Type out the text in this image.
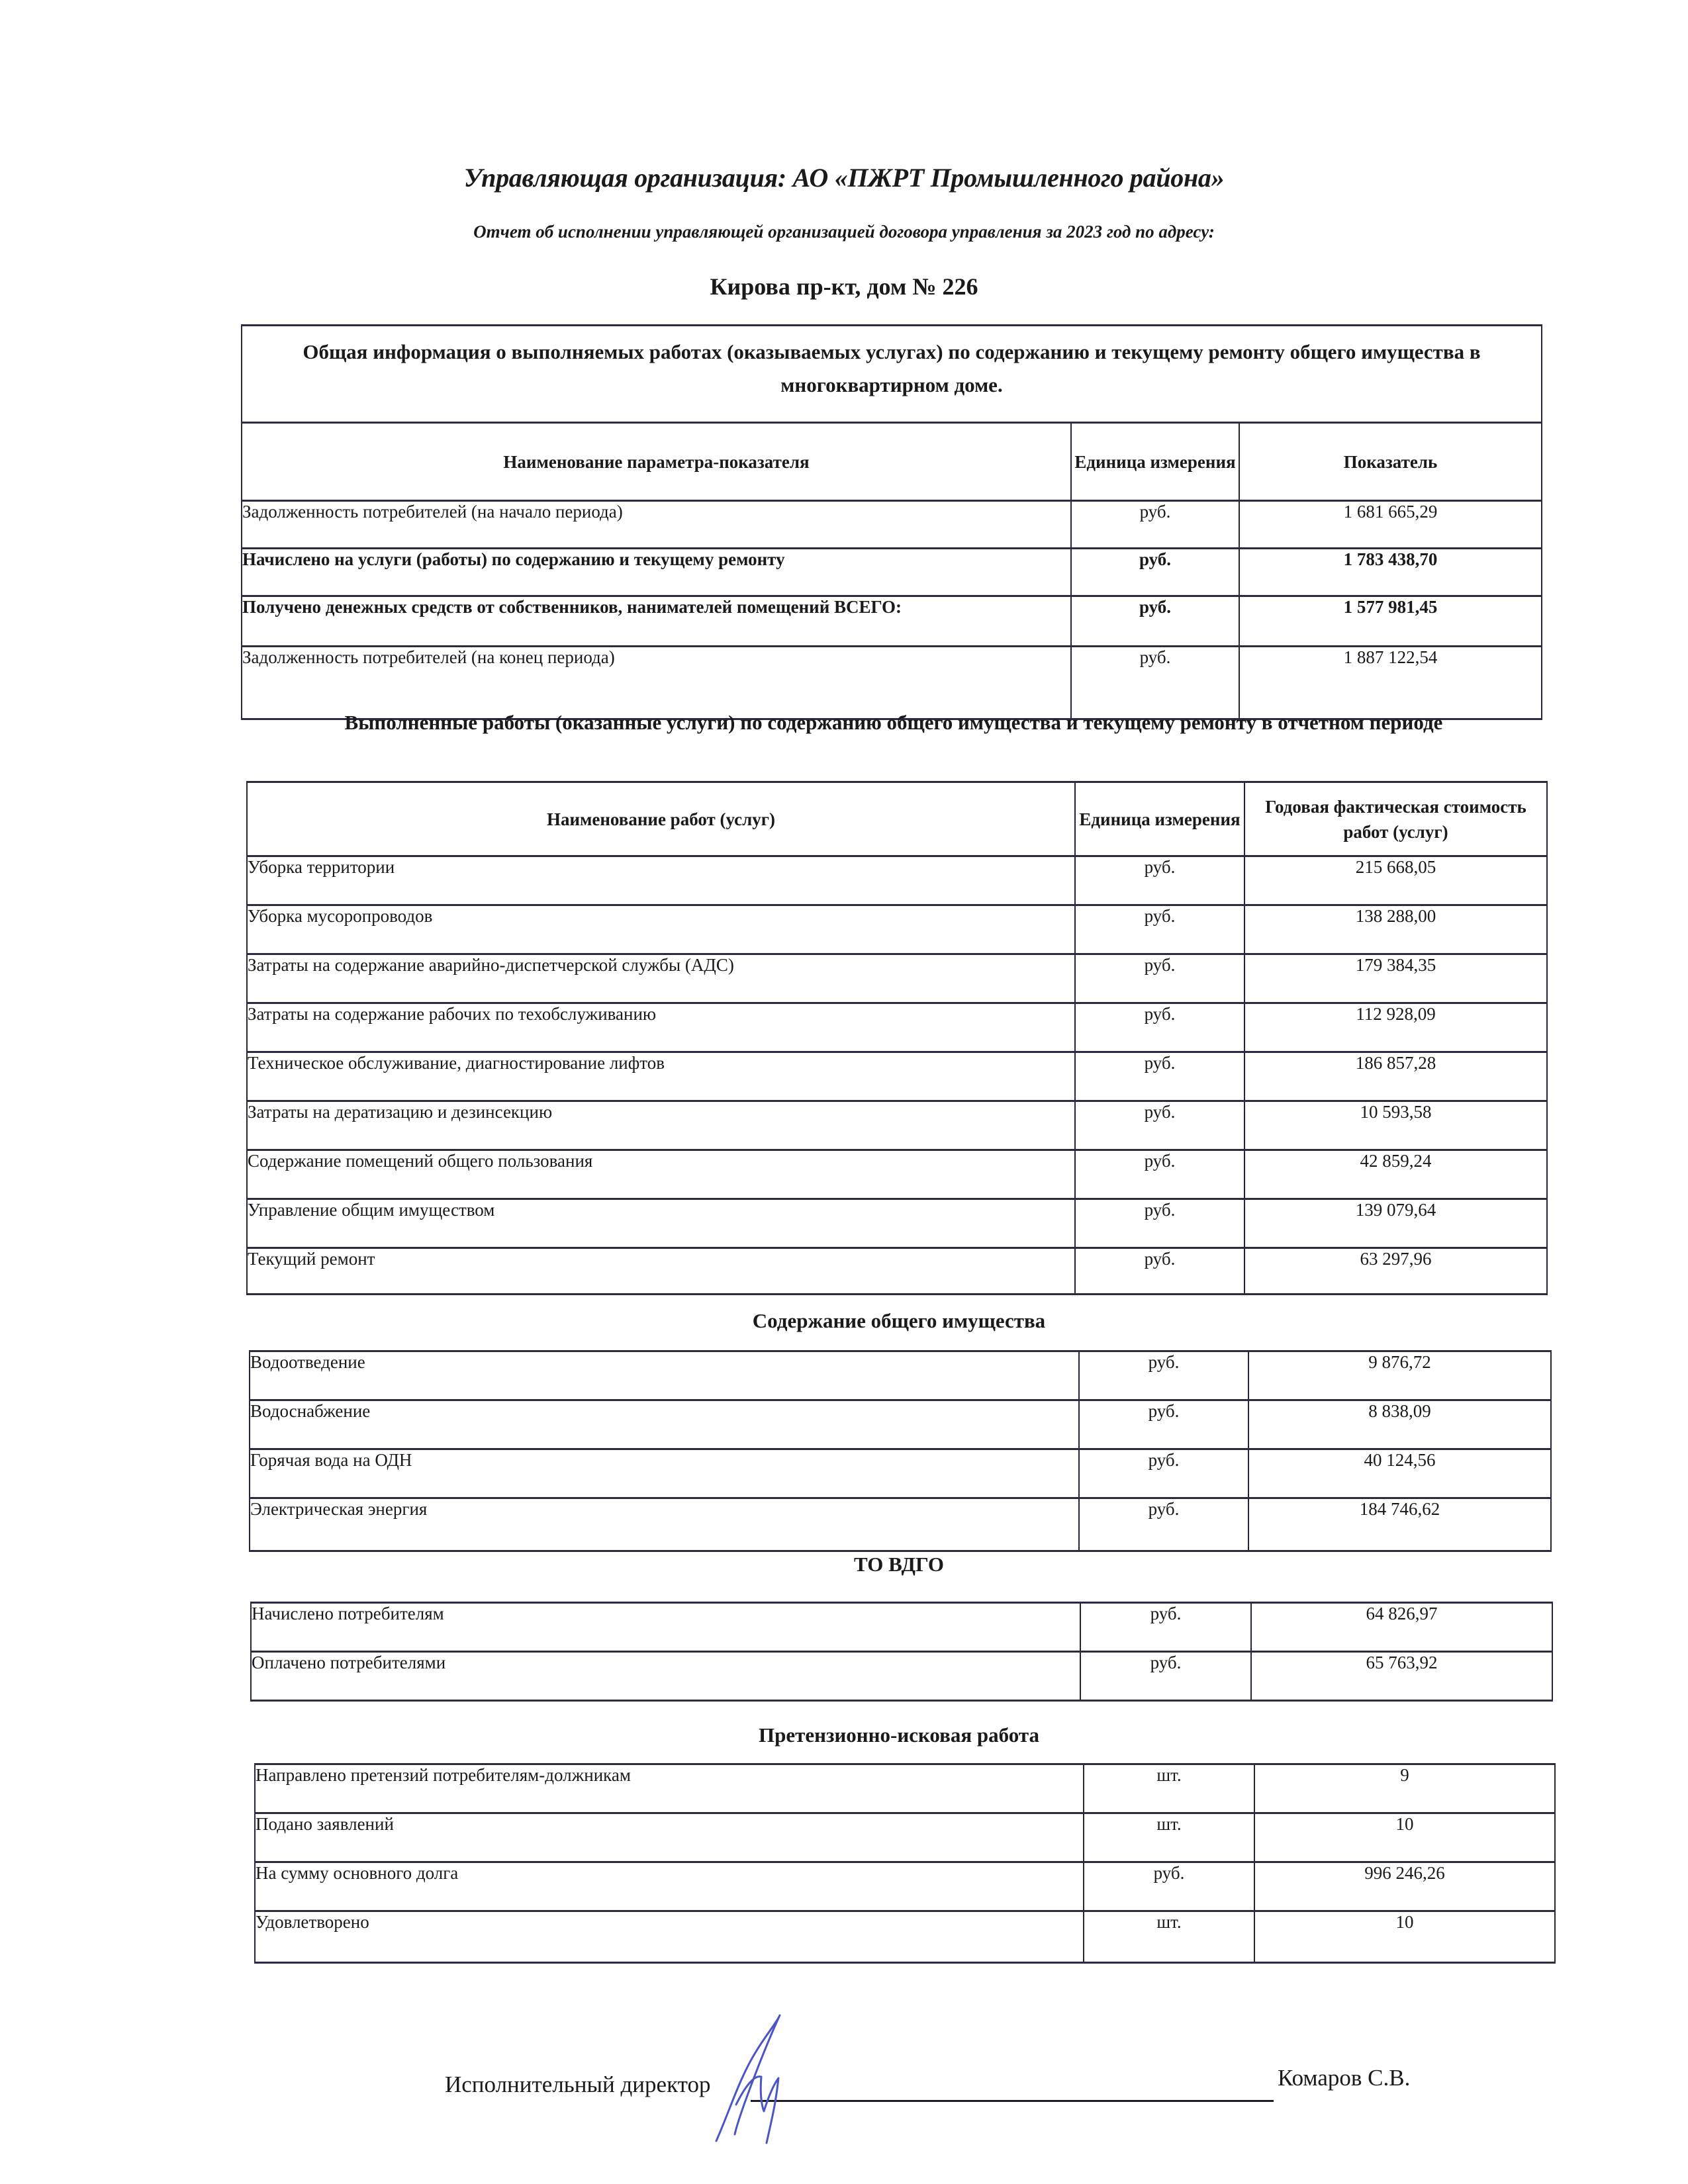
Управляющая организация: АО «ПЖРТ Промышленного района»
Отчет об исполнении управляющей организацией договора управления за 2023 год по адресу:
Кирова пр-кт, дом № 226
Общая информация о выполняемых работах (оказываемых услугах) по содержанию и текущему ремонту общего имущества в многоквартирном доме.		
Наименование параметра-показателя	Единица измерения	Показатель
Задолженность потребителей (на начало периода)	руб.	1 681 665,29
Начислено на услуги (работы) по содержанию и текущему ремонту	руб.	1 783 438,70
Получено денежных средств от собственников, нанимателей помещений ВСЕГО:	руб.	1 577 981,45
Задолженность потребителей (на конец периода)	руб.	1 887 122,54
Выполненные работы (оказанные услуги) по содержанию общего имущества и текущему ремонту в отчетном периоде
Наименование работ (услуг)	Единица измерения	Годовая фактическая стоимость работ (услуг)
Уборка территории	руб.	215 668,05
Уборка мусоропроводов	руб.	138 288,00
Затраты на содержание аварийно-диспетчерской службы (АДС)	руб.	179 384,35
Затраты на содержание рабочих по техобслуживанию	руб.	112 928,09
Техническое обслуживание, диагностирование лифтов	руб.	186 857,28
Затраты на дератизацию и дезинсекцию	руб.	10 593,58
Содержание помещений общего пользования	руб.	42 859,24
Управление общим имуществом	руб.	139 079,64
Текущий ремонт	руб.	63 297,96
Содержание общего имущества
Водоотведение	руб.	9 876,72
Водоснабжение	руб.	8 838,09
Горячая вода на ОДН	руб.	40 124,56
Электрическая энергия	руб.	184 746,62
ТО ВДГО
Начислено потребителям	руб.	64 826,97
Оплачено потребителями	руб.	65 763,92
Претензионно-исковая работа
Направлено претензий потребителям-должникам	шт.	9
Подано заявлений	шт.	10
На сумму основного долга	руб.	996 246,26
Удовлетворено	шт.	10
Исполнительный директор	Комаров С.В.
